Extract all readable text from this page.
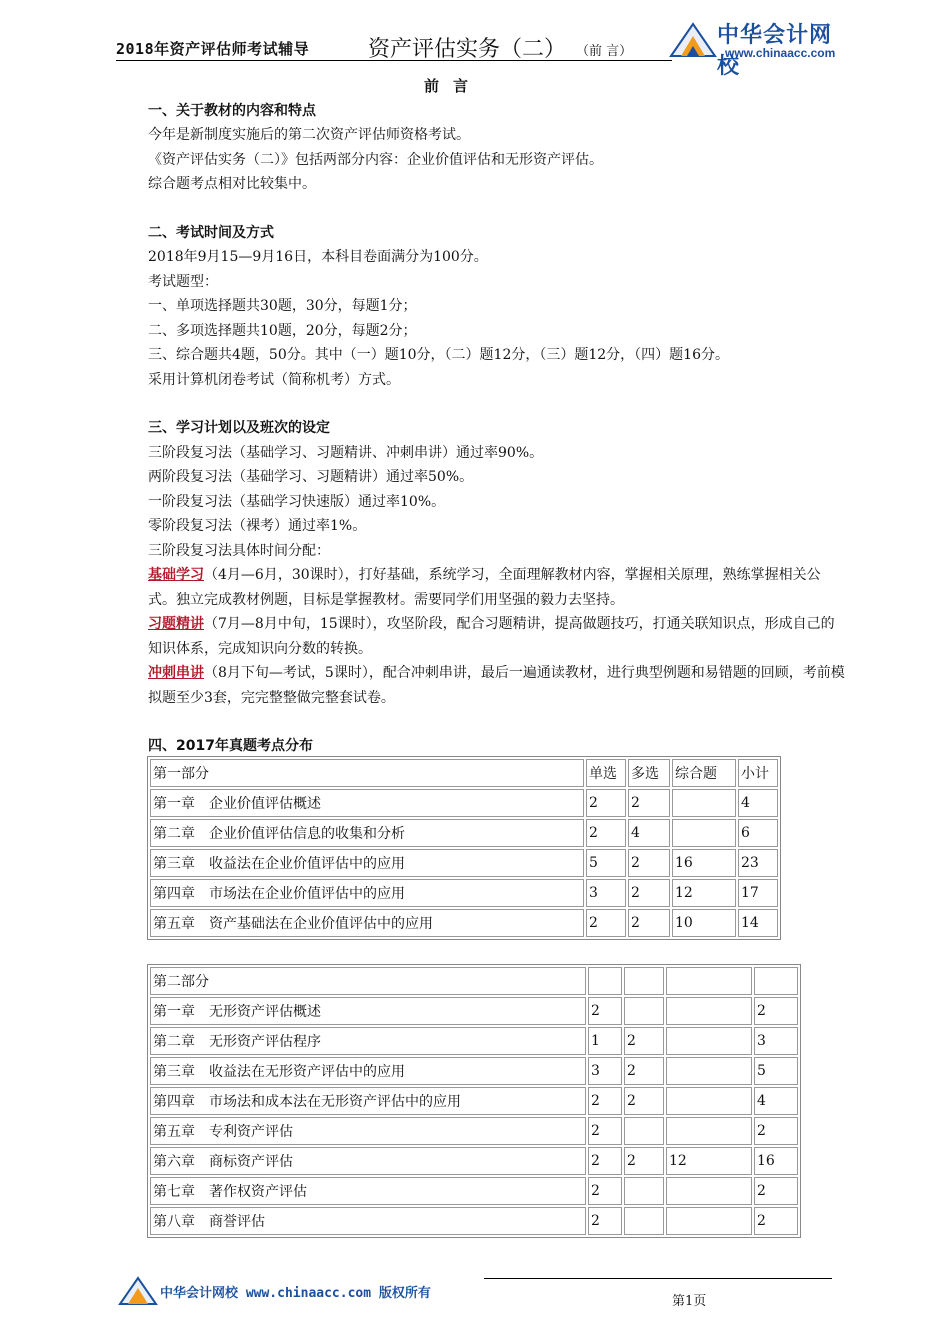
2018年资产评估师考试辅导	资产评估实务（二） （前 言）
中华会计网校
www.chinaacc.com

前言

一、关于教材的内容和特点

今年是新制度实施后的第二次资产评估师资格考试。

《资产评估实务（二）》包括两部分内容：企业价值评估和无形资产评估。

综合题考点相对比较集中。

二、考试时间及方式

2018年9月15—9月16日，本科目卷面满分为100分。

考试题型：

一、单项选择题共30题，30分，每题1分；

二、多项选择题共10题，20分，每题2分；

三、综合题共4题，50分。其中（一）题10分，（二）题12分，（三）题12分，（四）题16分。

采用计算机闭卷考试（简称机考）方式。

三、学习计划以及班次的设定

三阶段复习法（基础学习、习题精讲、冲刺串讲）通过率90%。

两阶段复习法（基础学习、习题精讲）通过率50%。

一阶段复习法（基础学习快速版）通过率10%。

零阶段复习法（裸考）通过率1%。

三阶段复习法具体时间分配：

基础学习（4月—6月，30课时），打好基础，系统学习，全面理解教材内容，掌握相关原理，熟练掌握相关公式。独立完成教材例题，目标是掌握教材。需要同学们用坚强的毅力去坚持。

习题精讲（7月—8月中旬，15课时），攻坚阶段，配合习题精讲，提高做题技巧，打通关联知识点，形成自己的知识体系，完成知识向分数的转换。

冲刺串讲（8月下旬—考试，5课时），配合冲刺串讲，最后一遍通读教材，进行典型例题和易错题的回顾，考前模拟题至少3套，完完整整做完整套试卷。

四、2017年真题考点分布

第一部分	单选	多选	综合题	小计
第一章　企业价值评估概述	2	2		4
第二章　企业价值评估信息的收集和分析	2	4		6
第三章　收益法在企业价值评估中的应用	5	2	16	23
第四章　市场法在企业价值评估中的应用	3	2	12	17
第五章　资产基础法在企业价值评估中的应用	2	2	10	14
第二部分				
第一章　无形资产评估概述	2			2
第二章　无形资产评估程序	1	2		3
第三章　收益法在无形资产评估中的应用	3	2		5
第四章　市场法和成本法在无形资产评估中的应用	2	2		4
第五章　专利资产评估	2			2
第六章　商标资产评估	2	2	12	16
第七章　著作权资产评估	2			2
第八章　商誉评估	2			2
中华会计网校 www.chinaacc.com 版权所有
第1页
